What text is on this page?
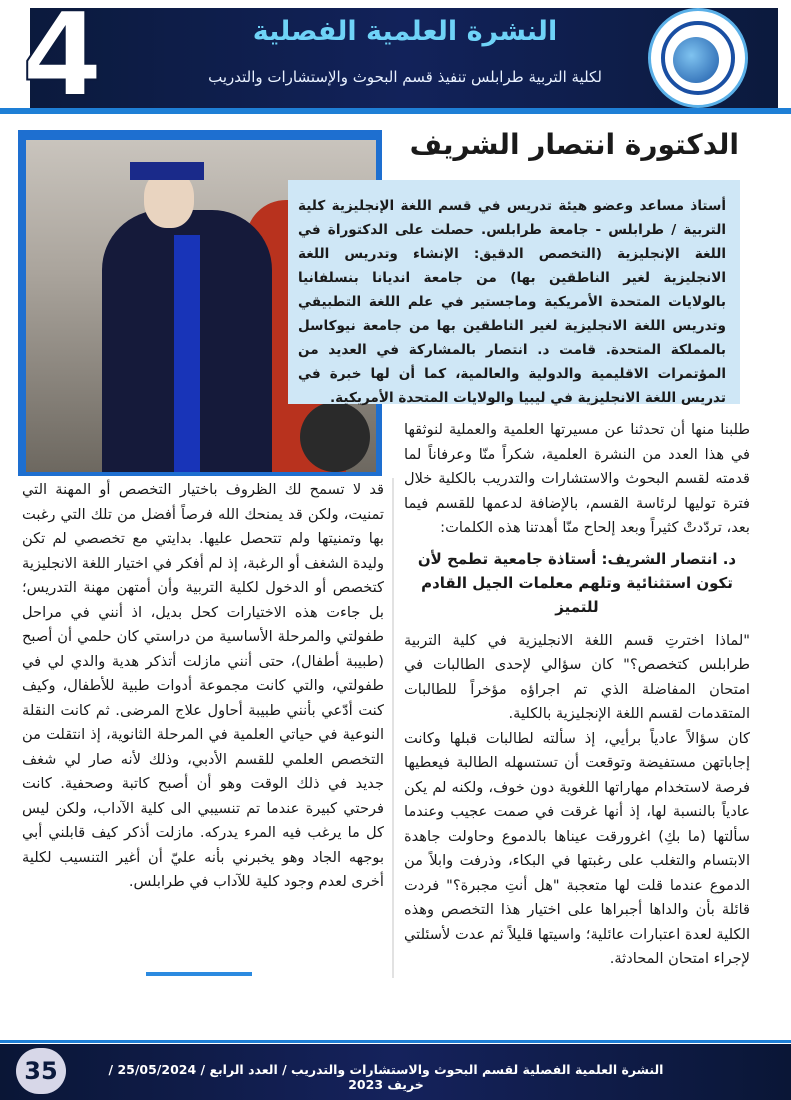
4	النشرة العلمية الفصلية
لكلية التربية طرابلس تنفيذ قسم البحوث والإستشارات والتدريب
الدكتورة انتصار الشريف
أستاذ مساعد وعضو هيئة تدريس في قسم اللغة الإنجليزية كلية التربية / طرابلس - جامعة طرابلس. حصلت على الدكتوراة في اللغة الإنجليزية (التخصص الدقيق: الإنشاء وتدريس اللغة الانجليزية لغير الناطقين بها) من جامعة انديانا بنسلفانيا بالولايات المتحدة الأمريكية وماجستير في علم اللغة التطبيقي وتدريس اللغة الانجليزية لغير الناطقين بها من جامعة نيوكاسل بالمملكة المتحدة. قامت د. انتصار بالمشاركة في العديد من المؤتمرات الاقليمية والدولية والعالمية، كما أن لها خبرة في تدريس اللغة الانجليزية في ليبيا والولايات المتحدة الأمريكية.
طلبنا منها أن تحدثنا عن مسيرتها العلمية والعملية لنوثقها في هذا العدد من النشرة العلمية، شكراً منّا وعرفاناً لما قدمته لقسم البحوث والاستشارات والتدريب بالكلية خلال فترة توليها لرئاسة القسم، بالإضافة لدعمها للقسم فيما بعد، تردّدتْ كثيراً وبعد إلحاح منّا أهدتنا هذه الكلمات:
د. انتصار الشريف: أستاذة جامعية تطمح لأن تكون استثنائية وتلهم معلمات الجيل القادم للتميز
"لماذا اخترتِ قسم اللغة الانجليزية في كلية التربية طرابلس كتخصص؟" كان سؤالي لإحدى الطالبات في امتحان المفاضلة الذي تم اجراؤه مؤخراً للطالبات المتقدمات لقسم اللغة الإنجليزية بالكلية.
كان سؤالاً عادياً برأيي، إذ سألته لطالبات قبلها وكانت إجاباتهن مستفيضة وتوقعت أن تستسهله الطالبة فيعطيها فرصة لاستخدام مهاراتها اللغوية دون خوف، ولكنه لم يكن عادياً بالنسبة لها، إذ أنها غرقت في صمت عجيب وعندما سألتها (ما بكِ) اغرورقت عيناها بالدموع وحاولت جاهدة الابتسام والتغلب على رغبتها في البكاء، وذرفت وابلاً من الدموع عندما قلت لها متعجبة "هل أنتِ مجبرة؟" فردت قائلة بأن والداها أجبراها على اختيار هذا التخصص وهذه الكلية لعدة اعتبارات عائلية؛ واسيتها قليلاً ثم عدت لأسئلتي لإجراء امتحان المحادثة.
قد لا تسمح لك الظروف باختيار التخصص أو المهنة التي تمنيت، ولكن قد يمنحك الله فرصاً أفضل من تلك التي رغبت بها وتمنيتها ولم تتحصل عليها. بدايتي مع تخصصي لم تكن وليدة الشغف أو الرغبة، إذ لم أفكر في اختيار اللغة الانجليزية كتخصص أو الدخول لكلية التربية وأن أمتهن مهنة التدريس؛ بل جاءت هذه الاختيارات كحل بديل، اذ أنني في مراحل طفولتي والمرحلة الأساسية من دراستي كان حلمي أن أصبح (طبيبة أطفال)، حتى أنني مازلت أتذكر هدية والدي لي في طفولتي، والتي كانت مجموعة أدوات طبية للأطفال، وكيف كنت أدّعي بأنني طبيبة أحاول علاج المرضى. ثم كانت النقلة النوعية في حياتي العلمية في المرحلة الثانوية، إذ انتقلت من التخصص العلمي للقسم الأدبي، وذلك لأنه صار لي شغف جديد في ذلك الوقت وهو أن أصبح كاتبة وصحفية. كانت فرحتي كبيرة عندما تم تنسيبي الى كلية الآداب، ولكن ليس كل ما يرغب فيه المرء يدركه. مازلت أذكر كيف قابلني أبي بوجهه الجاد وهو يخبرني بأنه عليّ أن أغير التنسيب لكلية أخرى لعدم وجود كلية للآداب في طرابلس.
35	النشرة العلمية الفصلية لقسم البحوث والاستشارات والتدريب / العدد الرابع / 25/05/2024 / خريف 2023
